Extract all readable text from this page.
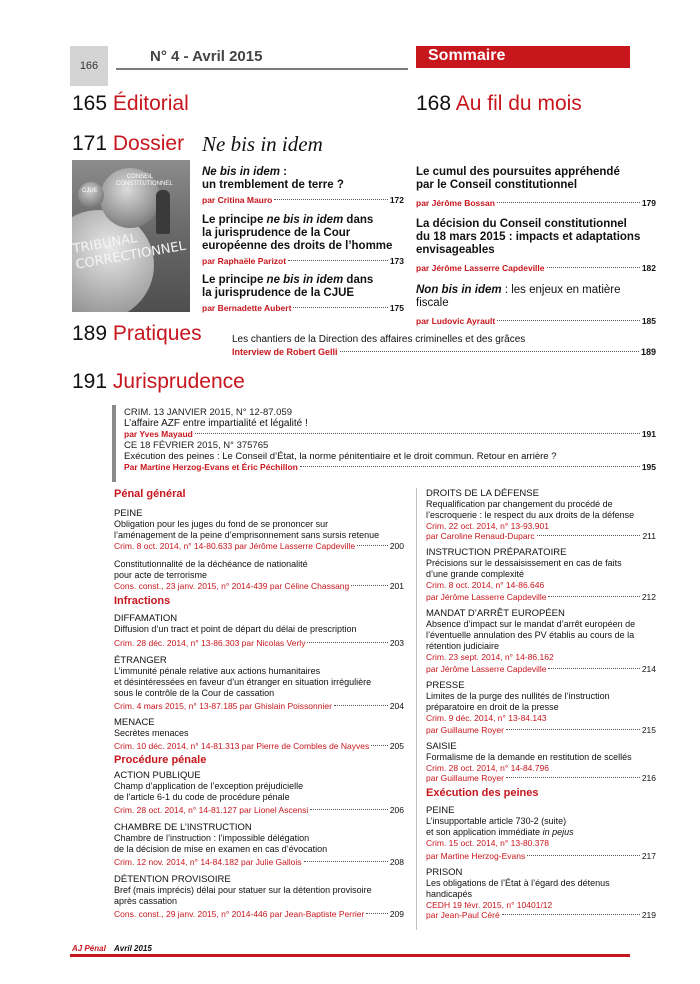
166
N° 4 - Avril 2015	Sommaire
165 Éditorial	168 Au fil du mois
171 Dossier Ne bis in idem
CONSEIL CONSTITUTIONNEL
CJUE
TRIBUNAL CORRECTIONNEL
Ne bis in idem :
un tremblement de terre ?
par Critina Mauro	172
Le principe ne bis in idem dans
la jurisprudence de la Cour
européenne des droits de l’homme
par Raphaële Parizot	173
Le principe ne bis in idem dans
la jurisprudence de la CJUE
par Bernadette Aubert	175
Le cumul des poursuites appréhendé
par le Conseil constitutionnel
par Jérôme Bossan	179
La décision du Conseil constitutionnel
du 18 mars 2015 : impacts et adaptations
envisageables
par Jérôme Lasserre Capdeville	182
Non bis in idem : les enjeux en matière fiscale
par Ludovic Ayrault	185
189 Pratiques	Les chantiers de la Direction des affaires criminelles et des grâces
Interview de Robert Gelli	189
191 Jurisprudence
CRIM. 13 JANVIER 2015, N° 12-87.059
L’affaire AZF entre impartialité et légalité !
par Yves Mayaud	191
CE 18 FÉVRIER 2015, N° 375765
Exécution des peines : Le Conseil d’État, la norme pénitentiaire et le droit commun. Retour en arrière ?
Par Martine Herzog-Evans et Éric Péchillon	195
Pénal général
PEINE
Obligation pour les juges du fond de se prononcer sur
l’aménagement de la peine d’emprisonnement sans sursis retenue
Crim. 8 oct. 2014, n° 14-80.633 par Jérôme Lasserre Capdeville	200
Constitutionnalité de la déchéance de nationalité
pour acte de terrorisme
Cons. const., 23 janv. 2015, n° 2014-439 par Céline Chassang	201
Infractions
DIFFAMATION
Diffusion d’un tract et point de départ du délai de prescription
Crim. 28 déc. 2014, n° 13-86.303 par Nicolas Verly	203
ÉTRANGER
L’immunité pénale relative aux actions humanitaires
et désintéressées en faveur d’un étranger en situation irrégulière
sous le contrôle de la Cour de cassation
Crim. 4 mars 2015, n° 13-87.185 par Ghislain Poissonnier	204
MENACE
Secrètes menaces
Crim. 10 déc. 2014, n° 14-81.313 par Pierre de Combles de Nayves 205
Procédure pénale
ACTION PUBLIQUE
Champ d’application de l’exception préjudicielle
de l’article 6-1 du code de procédure pénale
Crim. 28 oct. 2014, n° 14-81.127 par Lionel Ascensi	206
CHAMBRE DE L’INSTRUCTION
Chambre de l’instruction : l’impossible délégation
de la décision de mise en examen en cas d’évocation
Crim. 12 nov. 2014, n° 14-84.182 par Julie Gallois	208
DÉTENTION PROVISOIRE
Bref (mais imprécis) délai pour statuer sur la détention provisoire
après cassation
Cons. const., 29 janv. 2015, n° 2014-446 par Jean-Baptiste Perrier	209
DROITS DE LA DÉFENSE
Requalification par changement du procédé de
l’escroquerie : le respect du aux droits de la défense
Crim. 22 oct. 2014, n° 13-93.901
par Caroline Renaud-Duparc	211
INSTRUCTION PRÉPARATOIRE
Précisions sur le dessaisissement en cas de faits
d’une grande complexité
Crim. 8 oct. 2014, n° 14-86.646
par Jérôme Lasserre Capdeville	212
MANDAT D’ARRÊT EUROPÉEN
Absence d’impact sur le mandat d’arrêt européen de
l’éventuelle annulation des PV établis au cours de la
rétention judiciaire
Crim. 23 sept. 2014, n° 14-86.162
par Jérôme Lasserre Capdeville	214
PRESSE
Limites de la purge des nullités de l’instruction
préparatoire en droit de la presse
Crim. 9 déc. 2014, n° 13-84.143
par Guillaume Royer	215
SAISIE
Formalisme de la demande en restitution de scellés
Crim. 28 oct. 2014, n° 14-84.796
par Guillaume Royer	216
Exécution des peines
PEINE
L’insupportable article 730-2 (suite)
et son application immédiate in pejus
Crim. 15 oct. 2014, n° 13-80.378
par Martine Herzog-Evans	217
PRISON
Les obligations de l’État à l’égard des détenus handicapés
CEDH 19 févr. 2015, n° 10401/12
par Jean-Paul Céré	219
AJ Pénal Avril 2015
